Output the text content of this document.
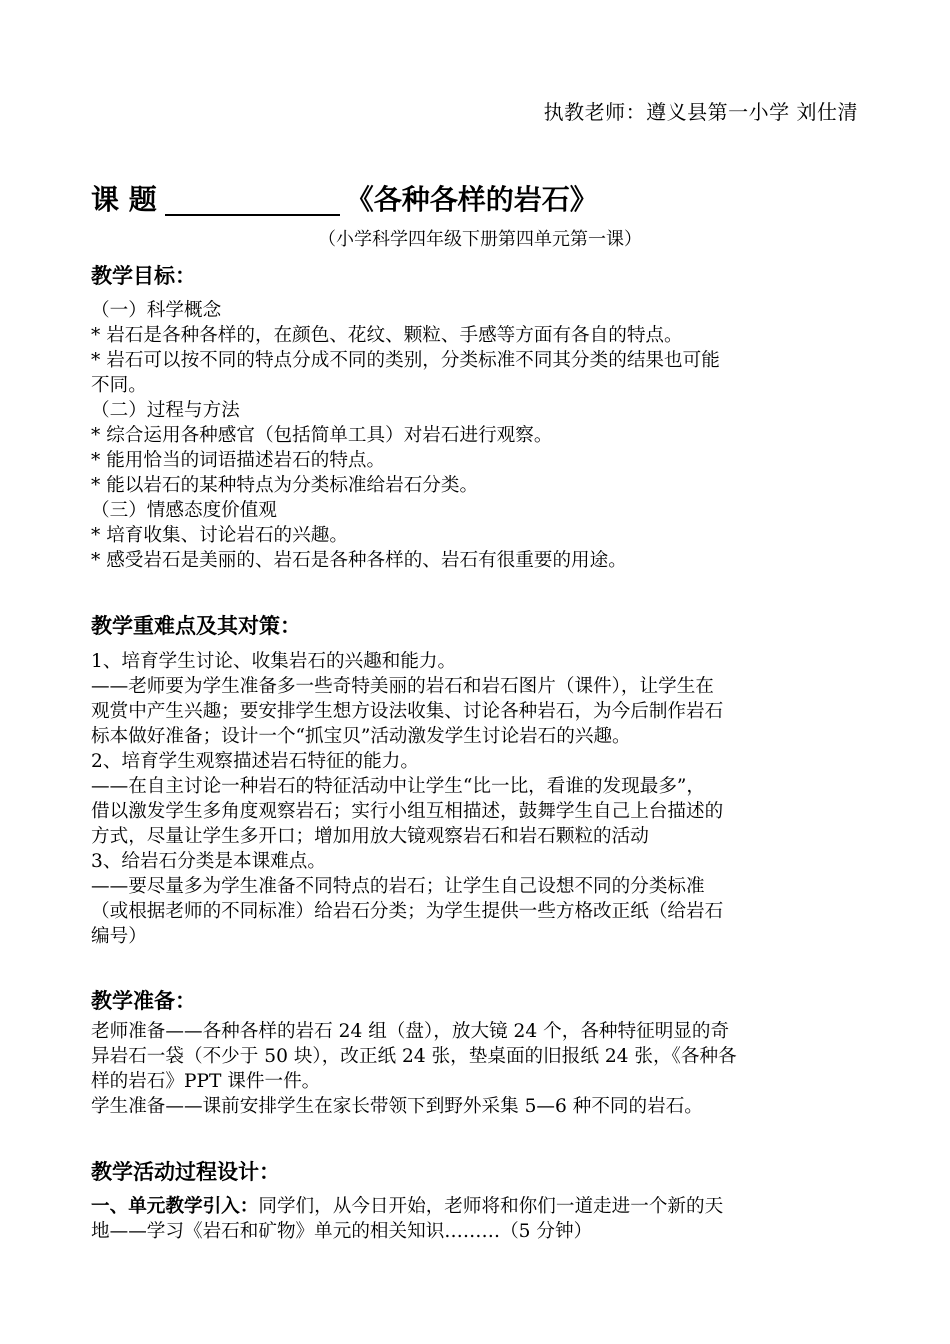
执教老师：遵义县第一小学 刘仕清
课 题	《各种各样的岩石》
（小学科学四年级下册第四单元第一课）
教学目标：
（一）科学概念
* 岩石是各种各样的，在颜色、花纹、颗粒、手感等方面有各自的特点。
* 岩石可以按不同的特点分成不同的类别，分类标准不同其分类的结果也可能
不同。
（二）过程与方法
* 综合运用各种感官（包括简单工具）对岩石进行观察。
* 能用恰当的词语描述岩石的特点。
* 能以岩石的某种特点为分类标准给岩石分类。
（三）情感态度价值观
* 培育收集、讨论岩石的兴趣。
* 感受岩石是美丽的、岩石是各种各样的、岩石有很重要的用途。
教学重难点及其对策：
1、培育学生讨论、收集岩石的兴趣和能力。
——老师要为学生准备多一些奇特美丽的岩石和岩石图片（课件），让学生在
观赏中产生兴趣；要安排学生想方设法收集、讨论各种岩石，为今后制作岩石
标本做好准备；设计一个“抓宝贝”活动激发学生讨论岩石的兴趣。
2、培育学生观察描述岩石特征的能力。
——在自主讨论一种岩石的特征活动中让学生“比一比，看谁的发现最多”，
借以激发学生多角度观察岩石；实行小组互相描述，鼓舞学生自己上台描述的
方式，尽量让学生多开口；增加用放大镜观察岩石和岩石颗粒的活动
3、给岩石分类是本课难点。
——要尽量多为学生准备不同特点的岩石；让学生自己设想不同的分类标准
（或根据老师的不同标准）给岩石分类；为学生提供一些方格改正纸（给岩石
编号）
教学准备：
老师准备——各种各样的岩石 24 组（盘），放大镜 24 个，各种特征明显的奇
异岩石一袋（不少于 50 块），改正纸 24 张，垫桌面的旧报纸 24 张，《各种各
样的岩石》PPT 课件一件。
学生准备——课前安排学生在家长带领下到野外采集 5—6 种不同的岩石。
教学活动过程设计：
一、单元教学引入：同学们，从今日开始，老师将和你们一道走进一个新的天
地——学习《岩石和矿物》单元的相关知识………（5 分钟）
